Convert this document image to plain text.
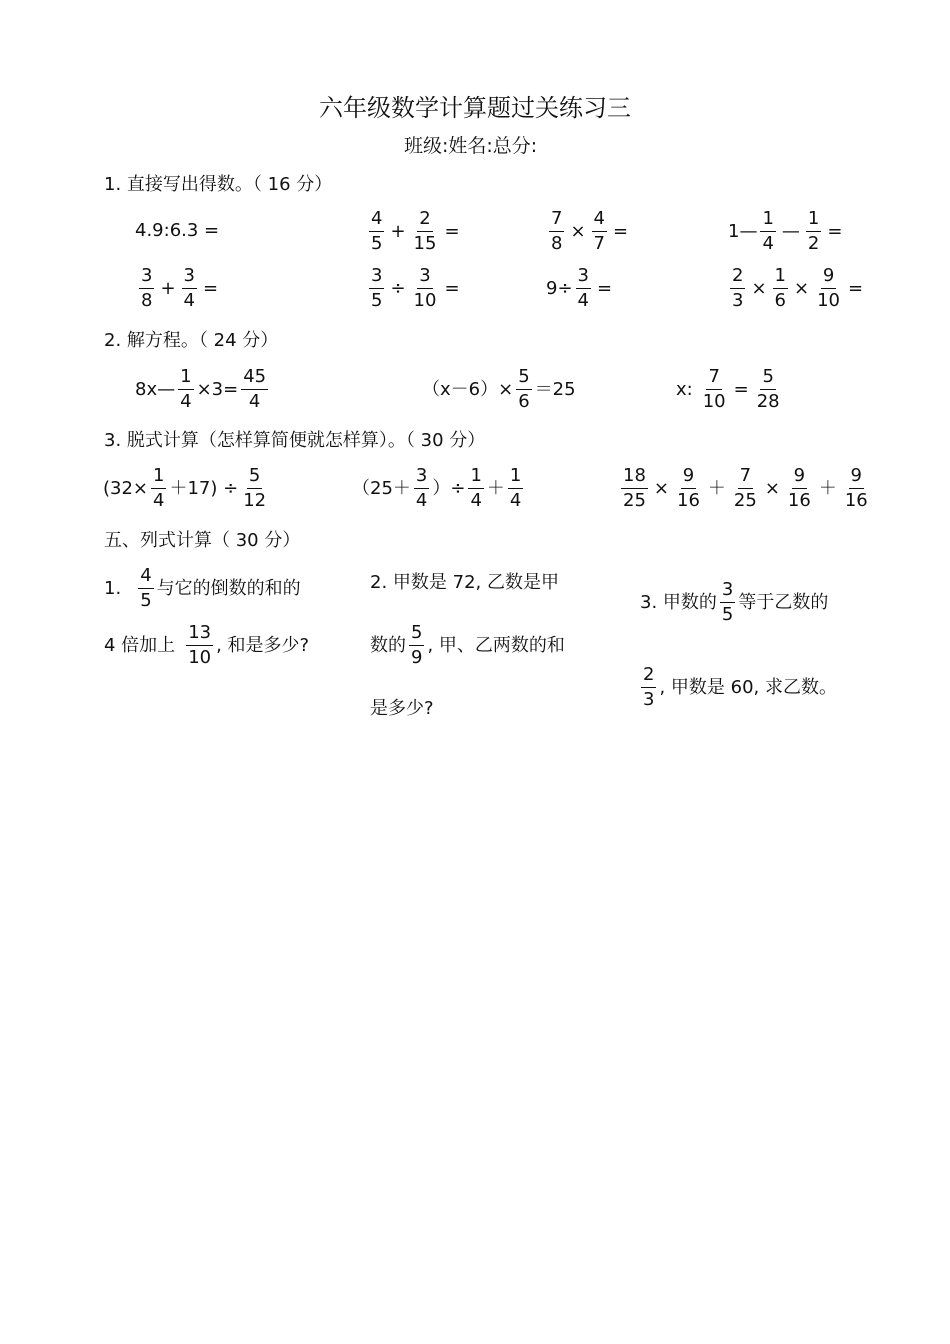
六年级数学计算题过关练习三
班级:姓名:总分:
1. 直接写出得数。（ 16 分）
4.9:6.3 =	$\frac{4}{5} + \frac{2}{15}$ =	$\frac{7}{8} \times \frac{4}{7}$ =	1— $\frac{1}{4}$ — $\frac{1}{2}$ =
$\frac{3}{8} + \frac{3}{4}$ =	$\frac{3}{5} \div \frac{3}{10}$ =	$9\div \frac{3}{4}$ =	$\frac{2}{3} \times \frac{1}{6} \times \frac{9}{10}$ =
2. 解方程。（ 24 分）
8x— $\frac{1}{4} \times 3= \frac{45}{4}$	$(x-6)\times \frac{5}{6} =25$	x: $\frac{7}{10} = \frac{5}{28}$
3. 脱式计算（怎样算简便就怎样算）。（ 30 分）
$(32\times \frac{1}{4} +17) \div \frac{5}{12}$	（$25+ \frac{3}{4}$ ）÷ $\frac{1}{4} + \frac{1}{4}$	$\frac{18}{25} \times \frac{9}{16} + \frac{7}{25} \times \frac{9}{16} + \frac{9}{16}$
五、列式计算（ 30 分）
1. $\frac{4}{5}$ 与它的倒数的和的
4 倍加上 $\frac{13}{10}$ , 和是多少?
2. 甲数是 72, 乙数是甲
数的 $\frac{5}{9}$ , 甲、乙两数的和
是多少?
3. 甲数的 $\frac{3}{5}$ 等于乙数的
$\frac{2}{3}$ , 甲数是 60, 求乙数。
